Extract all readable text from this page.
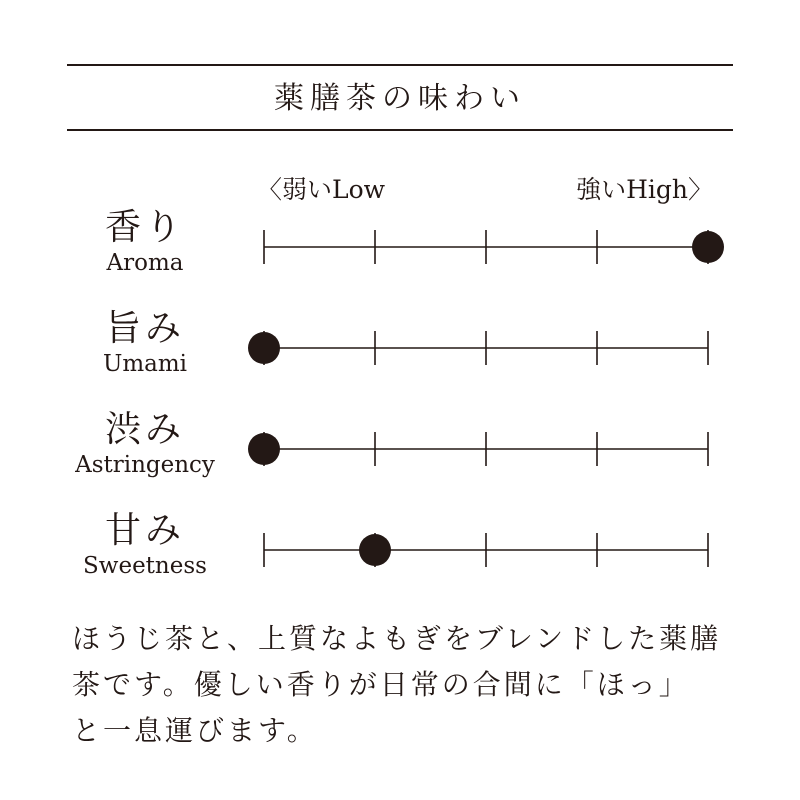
薬膳茶の味わい
〈弱いLow	強いHigh〉
香り
Aroma
旨み
Umami
渋み
Astringency
甘み
Sweetness
ほうじ茶と、上質なよもぎをブレンドした薬膳
茶です。優しい香りが日常の合間に「ほっ」
と一息運びます。
